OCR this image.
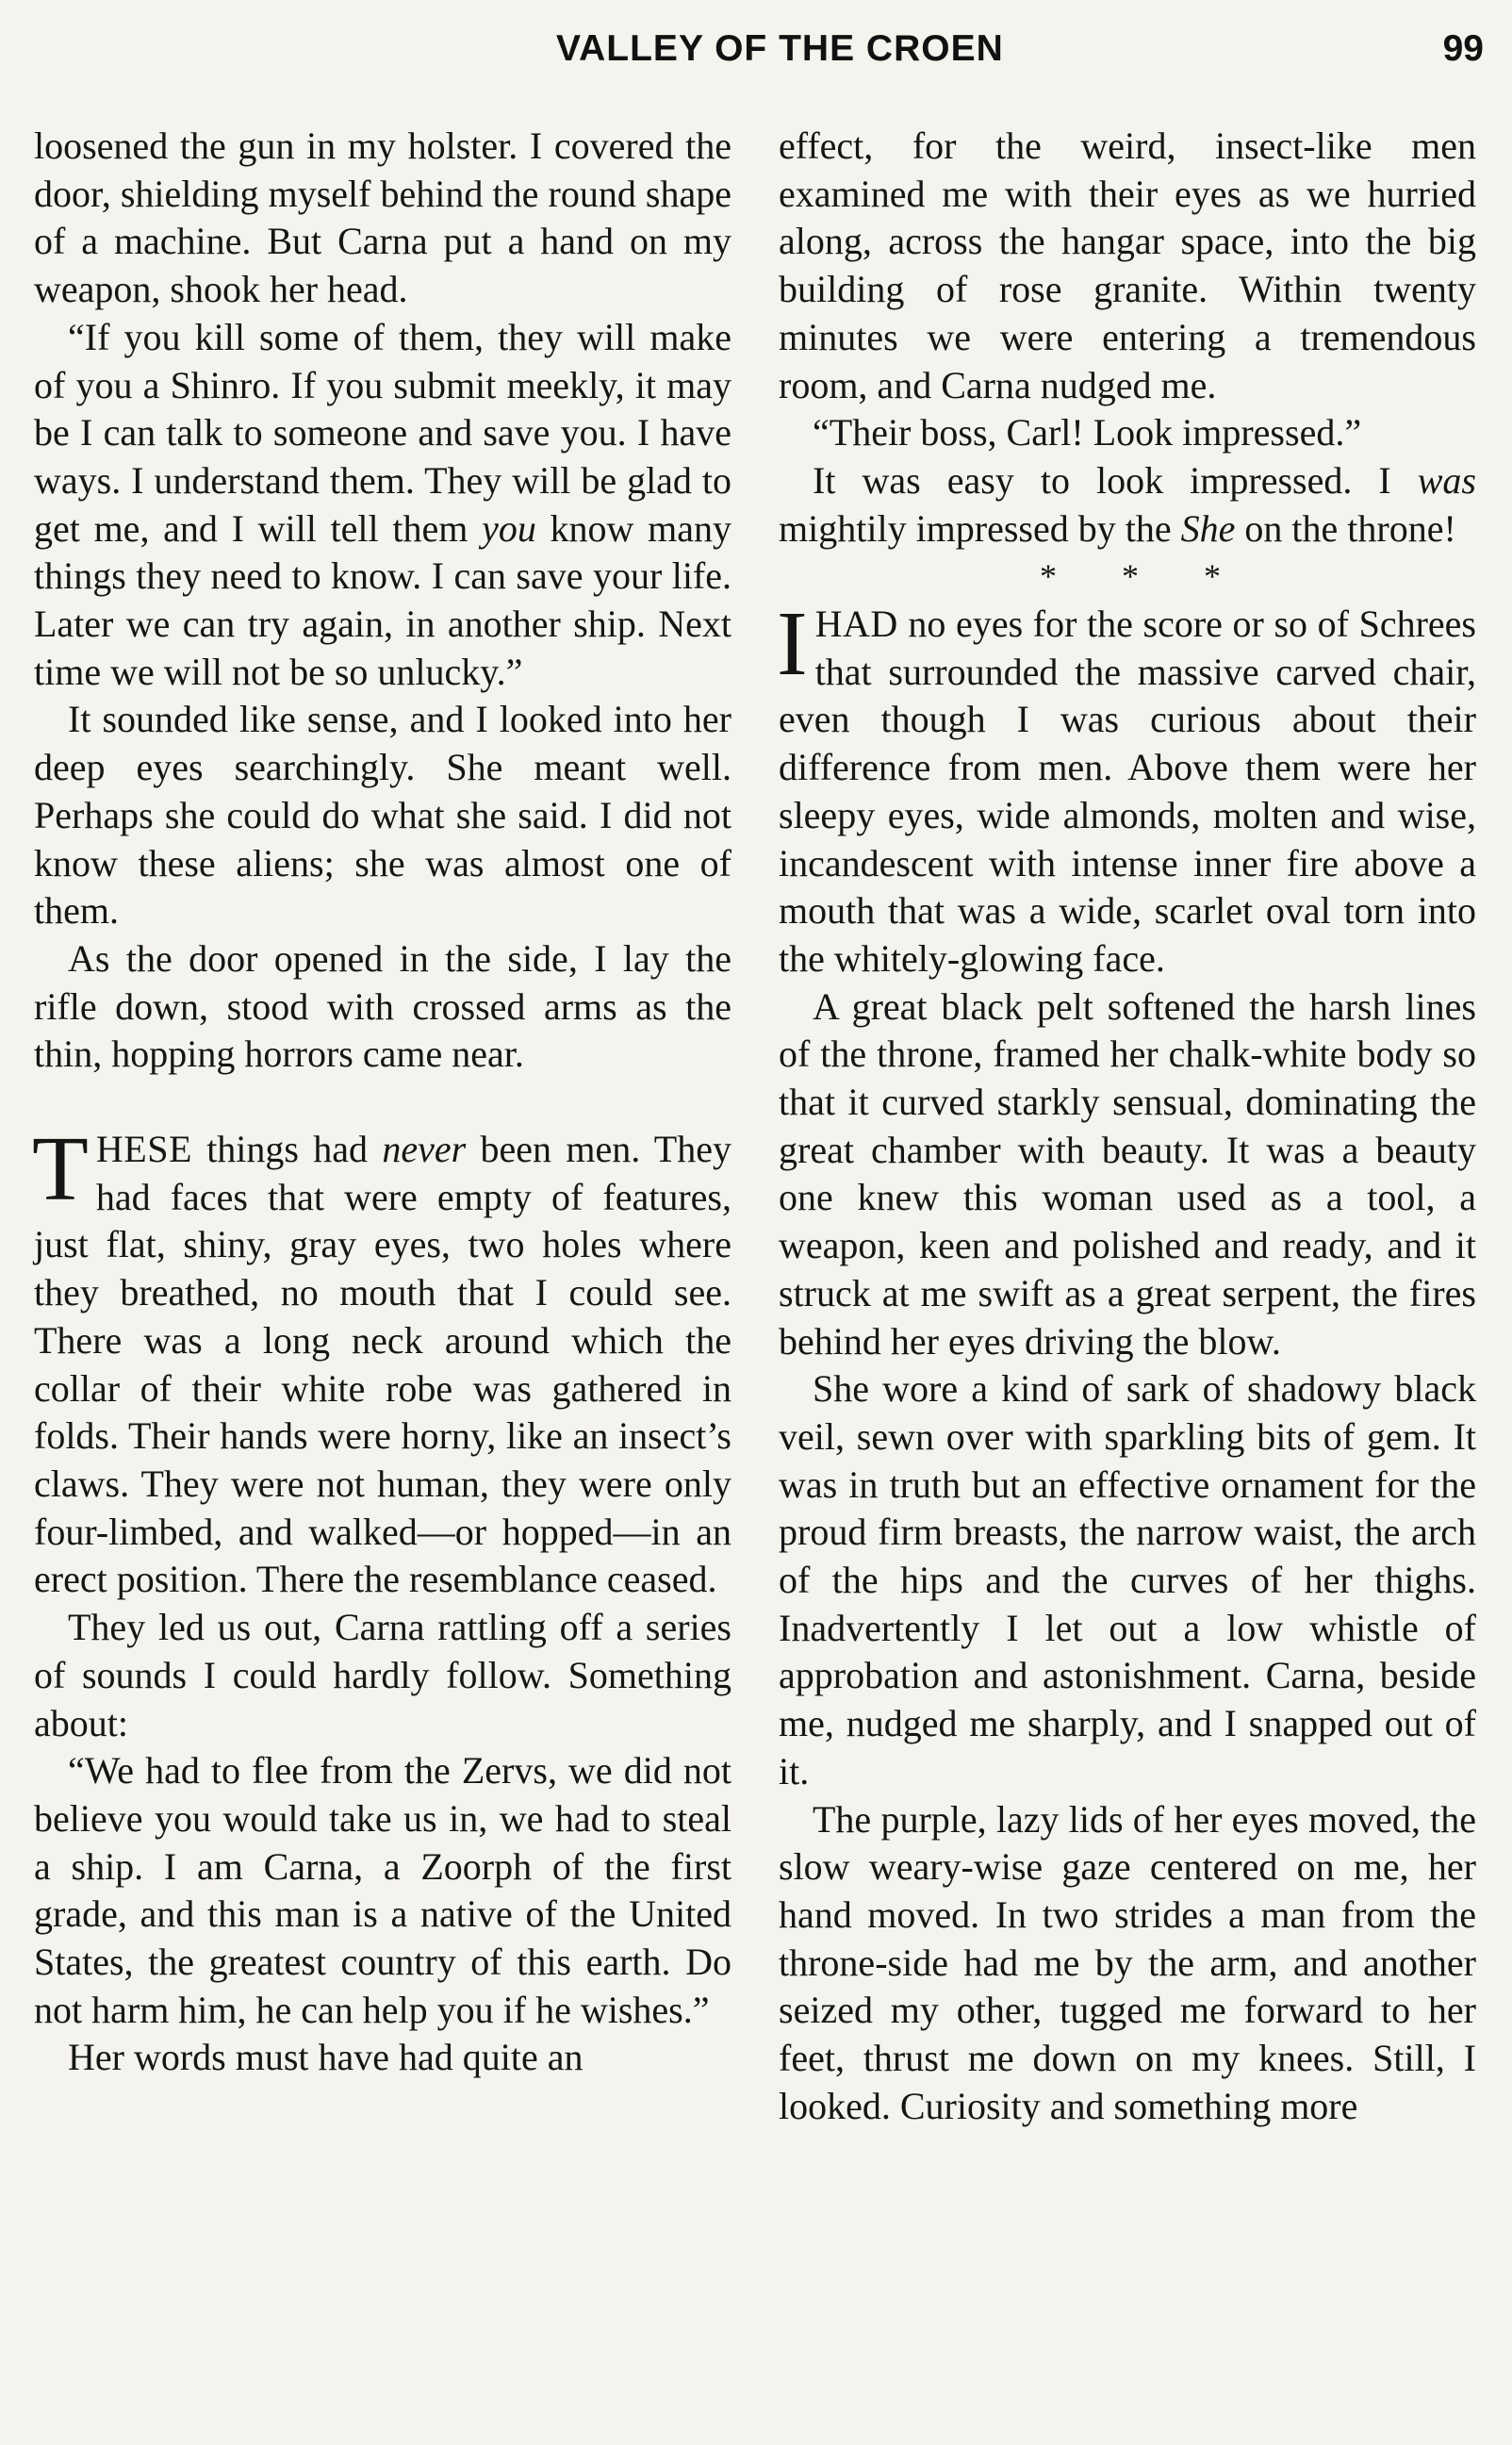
VALLEY OF THE CROEN	99

loosened the gun in my holster. I covered the door, shielding myself behind the round shape of a machine. But Carna put a hand on my weapon, shook her head.

“If you kill some of them, they will make of you a Shinro. If you submit meekly, it may be I can talk to someone and save you. I have ways. I understand them. They will be glad to get me, and I will tell them you know many things they need to know. I can save your life. Later we can try again, in another ship. Next time we will not be so unlucky.”

It sounded like sense, and I looked into her deep eyes searchingly. She meant well. Perhaps she could do what she said. I did not know these aliens; she was almost one of them.

As the door opened in the side, I lay the rifle down, stood with crossed arms as the thin, hopping horrors came near.

THESE things had never been men. They had faces that were empty of features, just flat, shiny, gray eyes, two holes where they breathed, no mouth that I could see. There was a long neck around which the collar of their white robe was gathered in folds. Their hands were horny, like an insect’s claws. They were not human, they were only four-limbed, and walked—or hopped—in an erect position. There the resemblance ceased.

They led us out, Carna rattling off a series of sounds I could hardly follow. Something about:

“We had to flee from the Zervs, we did not believe you would take us in, we had to steal a ship. I am Carna, a Zoorph of the first grade, and this man is a native of the United States, the greatest country of this earth. Do not harm him, he can help you if he wishes.”

Her words must have had quite an

effect, for the weird, insect-like men examined me with their eyes as we hurried along, across the hangar space, into the big building of rose granite. Within twenty minutes we were entering a tremendous room, and Carna nudged me.

“Their boss, Carl! Look impressed.”

It was easy to look impressed. I was mightily impressed by the She on the throne!

* * *

IHAD no eyes for the score or so of Schrees that surrounded the massive carved chair, even though I was curious about their difference from men. Above them were her sleepy eyes, wide almonds, molten and wise, incandescent with intense inner fire above a mouth that was a wide, scarlet oval torn into the whitely-glowing face.

A great black pelt softened the harsh lines of the throne, framed her chalk-white body so that it curved starkly sensual, dominating the great chamber with beauty. It was a beauty one knew this woman used as a tool, a weapon, keen and polished and ready, and it struck at me swift as a great serpent, the fires behind her eyes driving the blow.

She wore a kind of sark of shadowy black veil, sewn over with sparkling bits of gem. It was in truth but an effective ornament for the proud firm breasts, the narrow waist, the arch of the hips and the curves of her thighs. Inadvertently I let out a low whistle of approbation and astonishment. Carna, beside me, nudged me sharply, and I snapped out of it.

The purple, lazy lids of her eyes moved, the slow weary-wise gaze centered on me, her hand moved. In two strides a man from the throne-side had me by the arm, and another seized my other, tugged me forward to her feet, thrust me down on my knees. Still, I looked. Curiosity and something more
